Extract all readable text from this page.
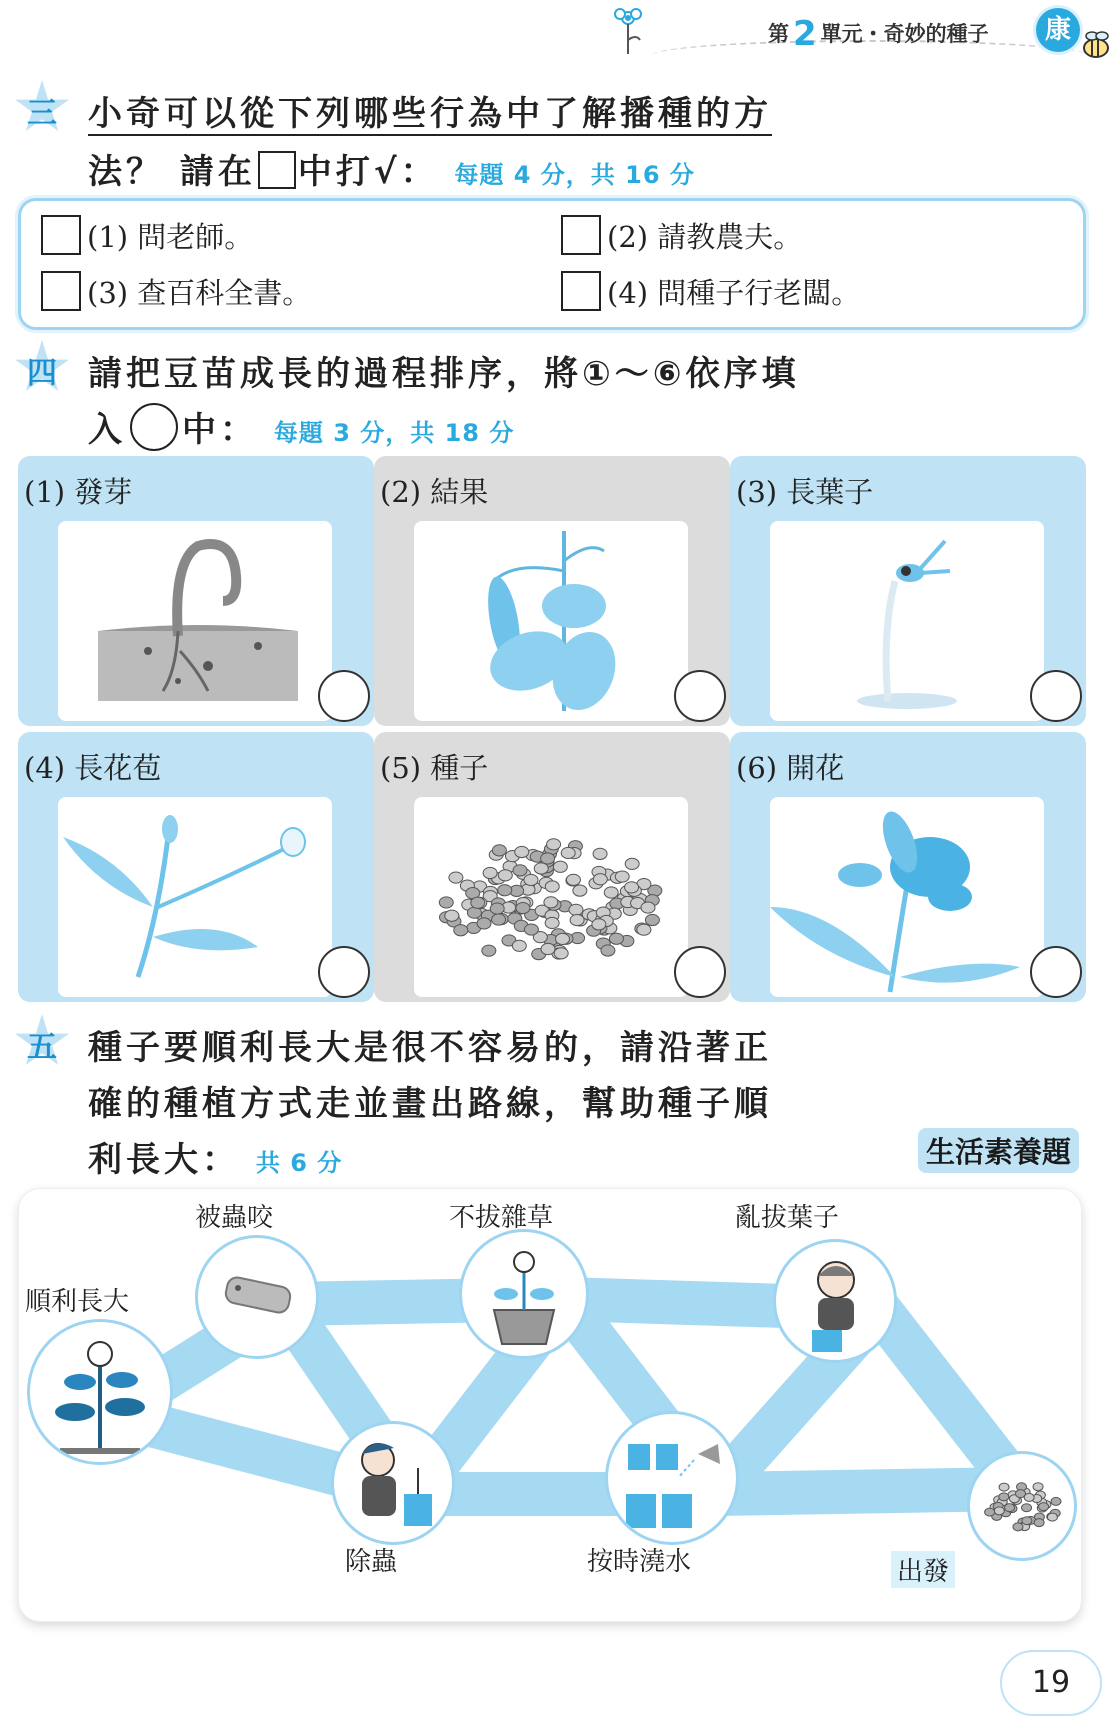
第 2 單元・奇妙的種子	康
三 小奇可以從下列哪些行為中了解播種的方
法？ 請在 中打√： 每題 4 分，共 16 分
(1) 問老師。	(2) 請教農夫。
(3) 查百科全書。	(4) 問種子行老闆。
四 請把豆苗成長的過程排序，將①～⑥依序填
入 中： 每題 3 分，共 18 分
(1) 發芽	(2) 結果	(3) 長葉子
(4) 長花苞	(5) 種子	(6) 開花
五 種子要順利長大是很不容易的，請沿著正
確的種植方式走並畫出路線，幫助種子順
利長大： 共 6 分	生活素養題
被蟲咬	不拔雜草	亂拔葉子
順利長大
除蟲	按時澆水	出發
19
